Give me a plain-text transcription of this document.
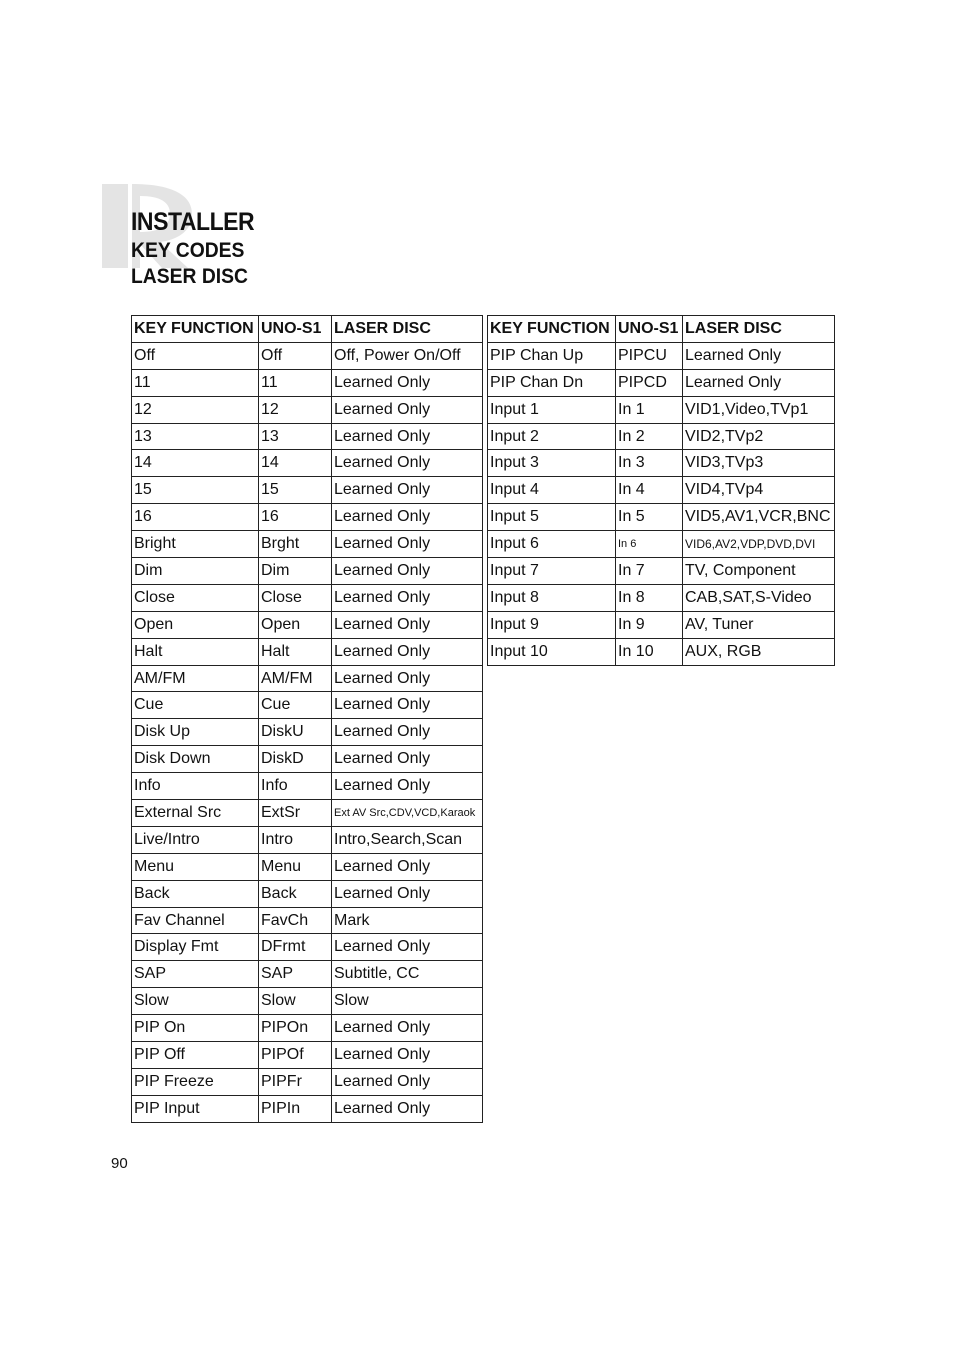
INSTALLER
KEY CODES
LASER DISC
KEY FUNCTION	UNO-S1	LASER DISC
Off	Off	Off, Power On/Off
11	11	Learned Only
12	12	Learned Only
13	13	Learned Only
14	14	Learned Only
15	15	Learned Only
16	16	Learned Only
Bright	Brght	Learned Only
Dim	Dim	Learned Only
Close	Close	Learned Only
Open	Open	Learned Only
Halt	Halt	Learned Only
AM/FM	AM/FM	Learned Only
Cue	Cue	Learned Only
Disk Up	DiskU	Learned Only
Disk Down	DiskD	Learned Only
Info	Info	Learned Only
External Src	ExtSr	Ext AV Src,CDV,VCD,Karaok
Live/Intro	Intro	Intro,Search,Scan
Menu	Menu	Learned Only
Back	Back	Learned Only
Fav Channel	FavCh	Mark
Display Fmt	DFrmt	Learned Only
SAP	SAP	Subtitle, CC
Slow	Slow	Slow
PIP On	PIPOn	Learned Only
PIP Off	PIPOf	Learned Only
PIP Freeze	PIPFr	Learned Only
PIP Input	PIPIn	Learned Only
KEY FUNCTION	UNO-S1	LASER DISC
PIP Chan Up	PIPCU	Learned Only
PIP Chan Dn	PIPCD	Learned Only
Input 1	In 1	VID1,Video,TVp1
Input 2	In 2	VID2,TVp2
Input 3	In 3	VID3,TVp3
Input 4	In 4	VID4,TVp4
Input 5	In 5	VID5,AV1,VCR,BNC
Input 6	In 6	VID6,AV2,VDP,DVD,DVI
Input 7	In 7	TV, Component
Input 8	In 8	CAB,SAT,S-Video
Input 9	In 9	AV, Tuner
Input 10	In 10	AUX, RGB
90
